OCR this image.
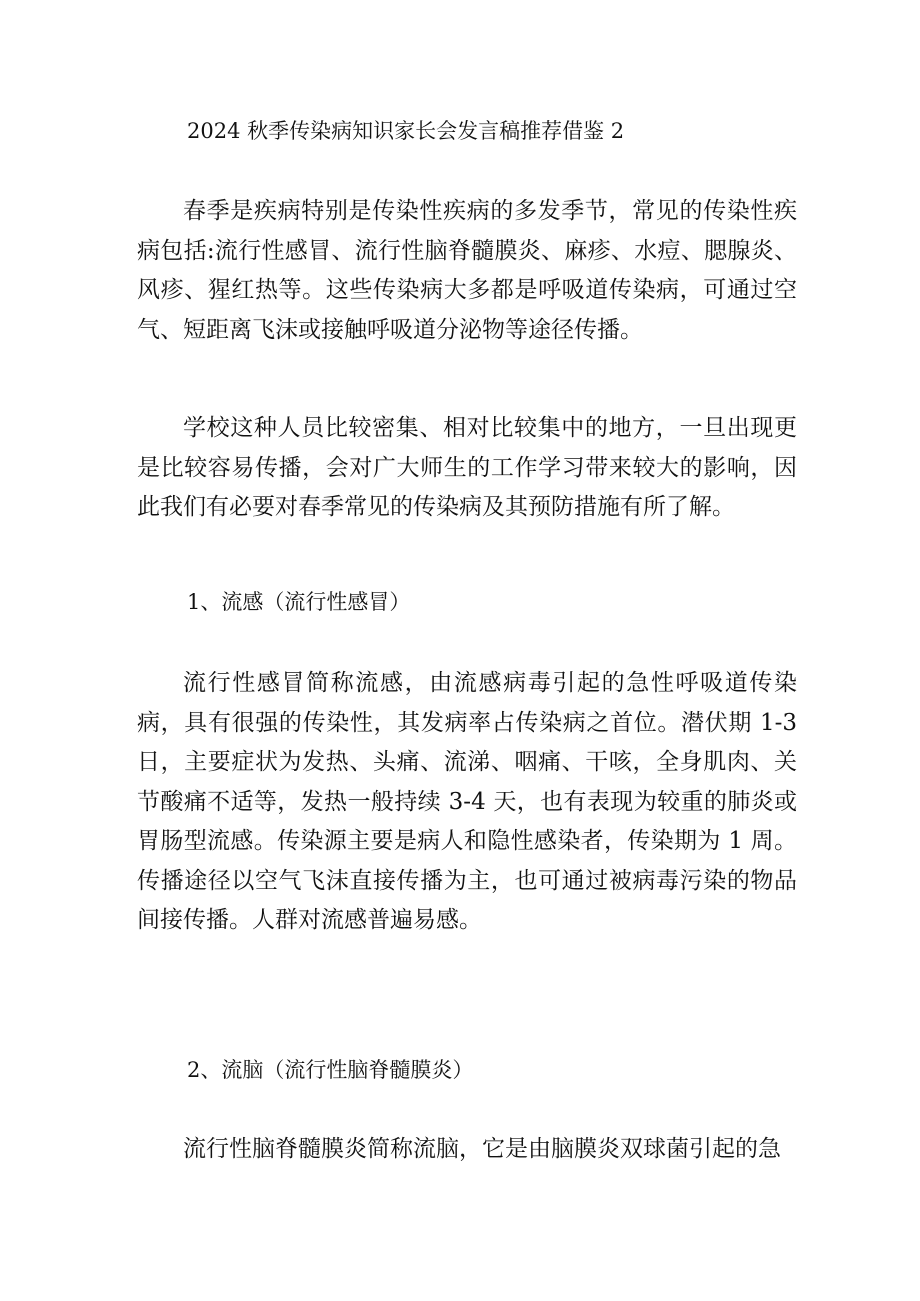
2024 秋季传染病知识家长会发言稿推荐借鉴 2

春季是疾病特别是传染性疾病的多发季节，常见的传染性疾病包括:流行性感冒、流行性脑脊髓膜炎、麻疹、水痘、腮腺炎、风疹、猩红热等。这些传染病大多都是呼吸道传染病，可通过空气、短距离飞沫或接触呼吸道分泌物等途径传播。

学校这种人员比较密集、相对比较集中的地方，一旦出现更是比较容易传播，会对广大师生的工作学习带来较大的影响，因此我们有必要对春季常见的传染病及其预防措施有所了解。

1、流感（流行性感冒）

流行性感冒简称流感，由流感病毒引起的急性呼吸道传染病，具有很强的传染性，其发病率占传染病之首位。潜伏期 1-3 日，主要症状为发热、头痛、流涕、咽痛、干咳，全身肌肉、关节酸痛不适等，发热一般持续 3-4 天，也有表现为较重的肺炎或胃肠型流感。传染源主要是病人和隐性感染者，传染期为 1 周。传播途径以空气飞沫直接传播为主，也可通过被病毒污染的物品间接传播。人群对流感普遍易感。

2、流脑（流行性脑脊髓膜炎）

流行性脑脊髓膜炎简称流脑，它是由脑膜炎双球菌引起的急
